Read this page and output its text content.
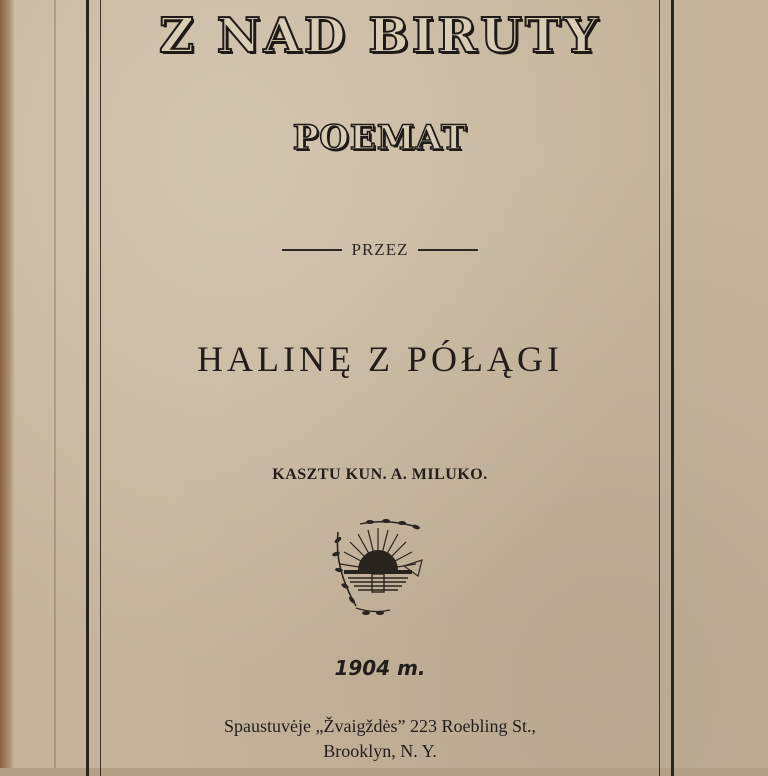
Z NAD BIRUTY
POEMAT
PRZEZ
HALINĘ Z PÓŁĄGI
KASZTU KUN. A. MILUKO.
1904 m.
Spaustuvėje „Žvaigždės” 223 Roebling St.,
Brooklyn, N. Y.
